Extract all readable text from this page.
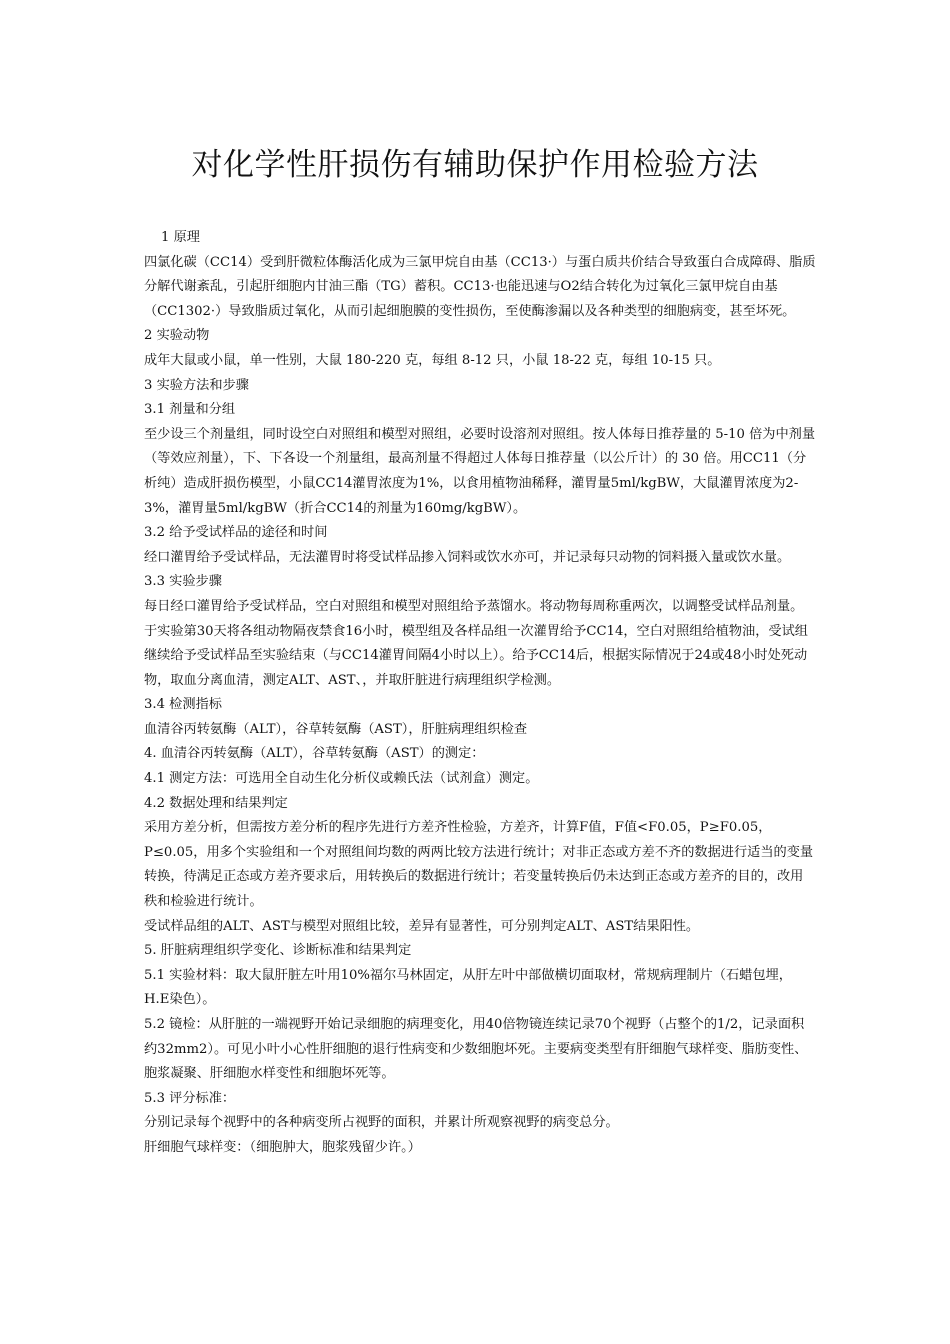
对化学性肝损伤有辅助保护作用检验方法

1 原理

四氯化碳（CC14）受到肝微粒体酶活化成为三氯甲烷自由基（CC13·）与蛋白质共价结合导致蛋白合成障碍、脂质分解代谢紊乱，引起肝细胞内甘油三酯（TG）蓄积。CC13·也能迅速与O2结合转化为过氧化三氯甲烷自由基（CC1302·）导致脂质过氧化，从而引起细胞膜的变性损伤，至使酶渗漏以及各种类型的细胞病变，甚至坏死。

2 实验动物

成年大鼠或小鼠，单一性别，大鼠 180-220 克，每组 8-12 只，小鼠 18-22 克，每组 10-15 只。

3 实验方法和步骤

3.1 剂量和分组

至少设三个剂量组，同时设空白对照组和模型对照组，必要时设溶剂对照组。按人体每日推荐量的 5-10 倍为中剂量（等效应剂量），下、下各设一个剂量组，最高剂量不得超过人体每日推荐量（以公斤计）的 30 倍。用CC11（分析纯）造成肝损伤模型，小鼠CC14灌胃浓度为1%，以食用植物油稀释，灌胃量5ml/kgBW，大鼠灌胃浓度为2-3%，灌胃量5ml/kgBW（折合CC14的剂量为160mg/kgBW）。

3.2 给予受试样品的途径和时间

经口灌胃给予受试样品，无法灌胃时将受试样品掺入饲料或饮水亦可，并记录每只动物的饲料摄入量或饮水量。

3.3 实验步骤

每日经口灌胃给予受试样品，空白对照组和模型对照组给予蒸馏水。将动物每周称重两次，以调整受试样品剂量。于实验第30天将各组动物隔夜禁食16小时，模型组及各样品组一次灌胃给予CC14，空白对照组给植物油，受试组继续给予受试样品至实验结束（与CC14灌胃间隔4小时以上）。给予CC14后，根据实际情况于24或48小时处死动物，取血分离血清，测定ALT、AST、，并取肝脏进行病理组织学检测。

3.4 检测指标

血清谷丙转氨酶（ALT），谷草转氨酶（AST），肝脏病理组织检查

4. 血清谷丙转氨酶（ALT），谷草转氨酶（AST）的测定：

4.1 测定方法：可选用全自动生化分析仪或赖氏法（试剂盒）测定。

4.2 数据处理和结果判定

采用方差分析，但需按方差分析的程序先进行方差齐性检验，方差齐，计算F值，F值<F0.05，P≥F0.05，P≤0.05，用多个实验组和一个对照组间均数的两两比较方法进行统计；对非正态或方差不齐的数据进行适当的变量转换，待满足正态或方差齐要求后，用转换后的数据进行统计；若变量转换后仍未达到正态或方差齐的目的，改用秩和检验进行统计。

受试样品组的ALT、AST与模型对照组比较，差异有显著性，可分别判定ALT、AST结果阳性。

5. 肝脏病理组织学变化、诊断标准和结果判定

5.1 实验材料：取大鼠肝脏左叶用10%福尔马林固定，从肝左叶中部做横切面取材，常规病理制片（石蜡包埋，H.E染色）。

5.2 镜检：从肝脏的一端视野开始记录细胞的病理变化，用40倍物镜连续记录70个视野（占整个的1/2，记录面积约32mm2）。可见小叶小心性肝细胞的退行性病变和少数细胞坏死。主要病变类型有肝细胞气球样变、脂肪变性、胞浆凝聚、肝细胞水样变性和细胞坏死等。

5.3 评分标准：

分别记录每个视野中的各种病变所占视野的面积，并累计所观察视野的病变总分。

肝细胞气球样变：（细胞肿大，胞浆残留少许。）
